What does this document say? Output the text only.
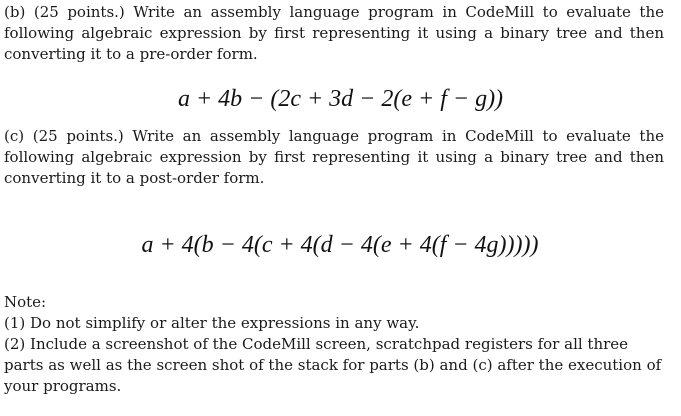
(b) (25 points.) Write an assembly language program in CodeMill to evaluate the following algebraic expression by first representing it using a binary tree and then converting it to a pre-order form.

a + 4b − (2c + 3d − 2(e + f − g))

(c) (25 points.) Write an assembly language program in CodeMill to evaluate the following algebraic expression by first representing it using a binary tree and then converting it to a post-order form.

a + 4(b − 4(c + 4(d − 4(e + 4(f − 4g)))))
Note:
(1) Do not simplify or alter the expressions in any way.
(2) Include a screenshot of the CodeMill screen, scratchpad registers for all three parts as well as the screen shot of the stack for parts (b) and (c) after the execution of your programs.
